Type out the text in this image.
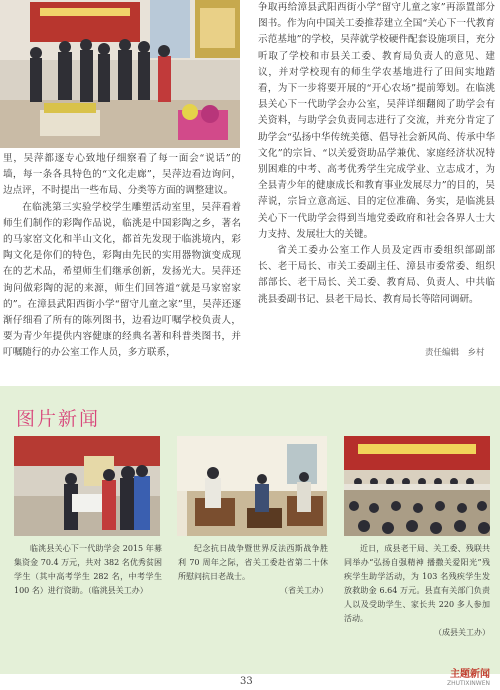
里，吴萍都逐专心致地仔细察看了每一面会“说话”的墙，每一条各具特色的“文化走廊”，吴萍边看边询问，边点评，不时提出一些布局、分类等方面的调整建议。

在临洮第三实验学校学生雕塑活动室里，吴萍看着师生们制作的彩陶作品说，临洮是中国彩陶之乡，著名的马家窑文化和半山文化，都首先发现于临洮境内，彩陶文化是你们的特色，彩陶由先民的实用器物演变成现在的艺术品，希望师生们继承创新，发扬光大。吴萍还询问做彩陶的泥的来源，师生们回答道“就是马家窑家的”。在漳县武阳西街小学“留守儿童之家”里，吴萍还逐渐仔细看了所有的陈列图书，边看边叮嘱学校负责人，要为青少年提供内容健康的经典名著和科普类图书，并叮嘱随行的办公室工作人员，多方联系，

争取再给漳县武阳西街小学“留守儿童之家”再添置部分图书。作为向中国关工委推荐建立全国“关心下一代教育示范基地”的学校，吴萍就学校硬件配套设施项目，充分听取了学校和市县关工委、教育局负责人的意见、建议，并对学校现有的师生学农基地进行了田间实地踏看，为下一步将要开展的“开心农场”提前筹划。在临洮县关心下一代助学会办公室，吴萍详细翻阅了助学会有关资料，与助学会负责同志进行了交流，并充分肯定了助学会“弘扬中华传统美德、倡导社会新风尚、传承中华文化”的宗旨、“以关爱资助品学兼优、家庭经济状况特别困难的中考、高考优秀学生完成学业、立志成才，为全县青少年的健康成长和教育事业发展尽力”的目的，吴萍说，宗旨立意高远、目的定位准确、务实，是临洮县关心下一代助学会得到当地党委政府和社会各界人士大力支持、发展壮大的关键。

省关工委办公室工作人员及定西市委组织部副部长、老干局长、市关工委副主任、漳县市委常委、组织部部长、老干局长、关工委、教育局、负责人、中共临洮县委副书记、县老干局长、教育局长等陪同调研。

责任编辑　乡村
图片新闻

临洮县关心下一代助学会 2015 年募集资金 70.4 万元，共对 382 名优秀贫困学生（其中高考学生 282 名，中考学生 100 名）进行资助。（临洮县关工办）

纪念抗日战争暨世界反法西斯战争胜利 70 周年之际，省关工委赴省第二十休所慰问抗日老战士。

（省关工办）

近日，成县老干局、关工委、残联共同举办“弘扬自强精神 播撒关爱阳光”残疾学生助学活动，为 103 名残疾学生发放救助金 6.64 万元。县直有关部门负责人以及受助学生、家长共 220 多人参加活动。

（成县关工办）

33
主题新闻
ZHUTIXINWEN
